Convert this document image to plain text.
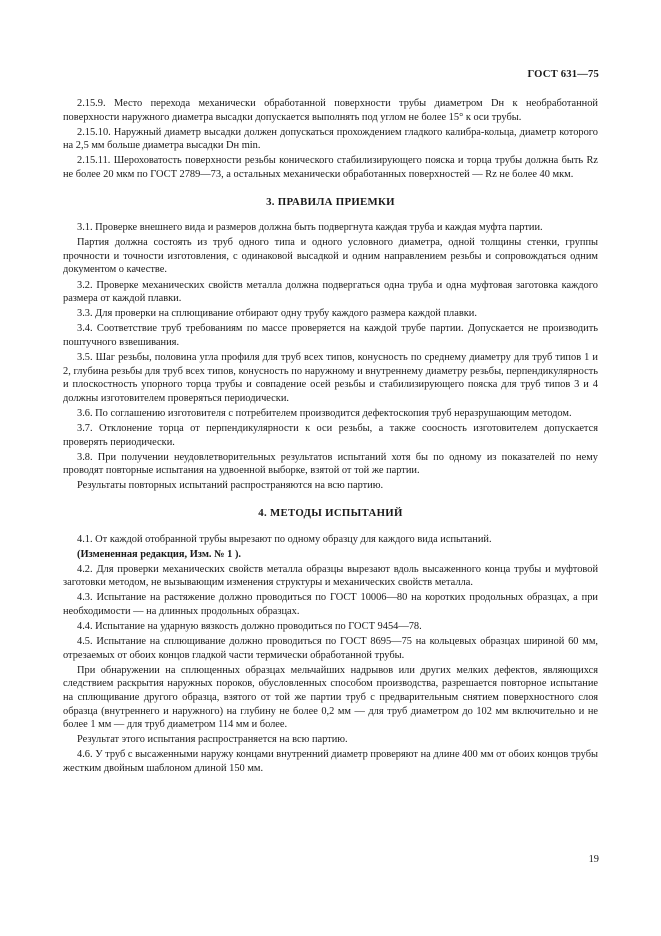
ГОСТ 631—75

2.15.9. Место перехода механически обработанной поверхности трубы диаметром Dн к необработанной поверхности наружного диаметра высадки допускается выполнять под углом не более 15° к оси трубы.

2.15.10. Наружный диаметр высадки должен допускаться прохождением гладкого калибра-кольца, диаметр которого на 2,5 мм больше диаметра высадки Dн min.

2.15.11. Шероховатость поверхности резьбы конического стабилизирующего пояска и торца трубы должна быть Rz не более 20 мкм по ГОСТ 2789—73, а остальных механически обработанных поверхностей — Rz не более 40 мкм.

3. ПРАВИЛА ПРИЕМКИ

3.1. Проверке внешнего вида и размеров должна быть подвергнута каждая труба и каждая муфта партии.

Партия должна состоять из труб одного типа и одного условного диаметра, одной толщины стенки, группы прочности и точности изготовления, с одинаковой высадкой и одним направлением резьбы и сопровождаться одним документом о качестве.

3.2. Проверке механических свойств металла должна подвергаться одна труба и одна муфтовая заготовка каждого размера от каждой плавки.

3.3. Для проверки на сплющивание отбирают одну трубу каждого размера каждой плавки.

3.4. Соответствие труб требованиям по массе проверяется на каждой трубе партии. Допускается не производить поштучного взвешивания.

3.5. Шаг резьбы, половина угла профиля для труб всех типов, конусность по среднему диаметру для труб типов 1 и 2, глубина резьбы для труб всех типов, конусность по наружному и внутреннему диаметру резьбы, перпендикулярность и плоскостность упорного торца трубы и совпадение осей резьбы и стабилизирующего пояска для труб типов 3 и 4 должны изготовителем проверяться периодически.

3.6. По соглашению изготовителя с потребителем производится дефектоскопия труб неразрушающим методом.

3.7. Отклонение торца от перпендикулярности к оси резьбы, а также соосность изготовителем допускается проверять периодически.

3.8. При получении неудовлетворительных результатов испытаний хотя бы по одному из показателей по нему проводят повторные испытания на удвоенной выборке, взятой от той же партии.

Результаты повторных испытаний распространяются на всю партию.

4. МЕТОДЫ ИСПЫТАНИЙ

4.1. От каждой отобранной трубы вырезают по одному образцу для каждого вида испытаний.

(Измененная редакция, Изм. № 1 ).

4.2. Для проверки механических свойств металла образцы вырезают вдоль высаженного конца трубы и муфтовой заготовки методом, не вызывающим изменения структуры и механических свойств металла.

4.3. Испытание на растяжение должно проводиться по ГОСТ 10006—80 на коротких продольных образцах, а при необходимости — на длинных продольных образцах.

4.4. Испытание на ударную вязкость должно проводиться по ГОСТ 9454—78.

4.5. Испытание на сплющивание должно проводиться по ГОСТ 8695—75 на кольцевых образцах шириной 60 мм, отрезаемых от обоих концов гладкой части термически обработанной трубы.

При обнаружении на сплющенных образцах мельчайших надрывов или других мелких дефектов, являющихся следствием раскрытия наружных пороков, обусловленных способом производства, разрешается повторное испытание на сплющивание другого образца, взятого от той же партии труб с предварительным снятием поверхностного слоя образца (внутреннего и наружного) на глубину не более 0,2 мм — для труб диаметром до 102 мм включительно и не более 1 мм — для труб диаметром 114 мм и более.

Результат этого испытания распространяется на всю партию.

4.6. У труб с высаженными наружу концами внутренний диаметр проверяют на длине 400 мм от обоих концов трубы жестким двойным шаблоном длиной 150 мм.

19
